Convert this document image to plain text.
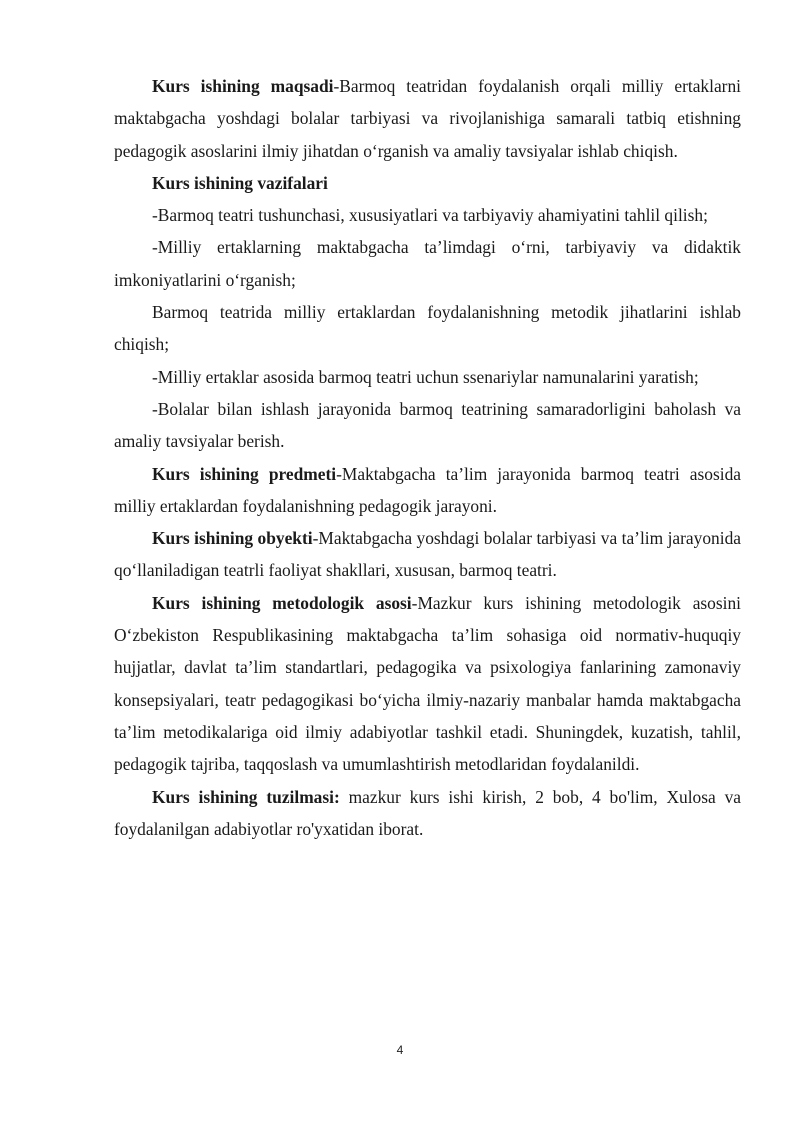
Kurs ishining maqsadi-Barmoq teatridan foydalanish orqali milliy ertaklarni maktabgacha yoshdagi bolalar tarbiyasi va rivojlanishiga samarali tatbiq etishning pedagogik asoslarini ilmiy jihatdan o‘rganish va amaliy tavsiyalar ishlab chiqish.

Kurs ishining vazifalari

-Barmoq teatri tushunchasi, xususiyatlari va tarbiyaviy ahamiyatini tahlil qilish;

-Milliy ertaklarning maktabgacha ta’limdagi o‘rni, tarbiyaviy va didaktik imkoniyatlarini o‘rganish;

Barmoq teatrida milliy ertaklardan foydalanishning metodik jihatlarini ishlab chiqish;

-Milliy ertaklar asosida barmoq teatri uchun ssenariylar namunalarini yaratish;

-Bolalar bilan ishlash jarayonida barmoq teatrining samaradorligini baholash va amaliy tavsiyalar berish.

Kurs ishining predmeti-Maktabgacha ta’lim jarayonida barmoq teatri asosida milliy ertaklardan foydalanishning pedagogik jarayoni.

Kurs ishining obyekti-Maktabgacha yoshdagi bolalar tarbiyasi va ta’lim jarayonida qo‘llaniladigan teatrli faoliyat shakllari, xususan, barmoq teatri.

Kurs ishining metodologik asosi-Mazkur kurs ishining metodologik asosini O‘zbekiston Respublikasining maktabgacha ta’lim sohasiga oid normativ-huquqiy hujjatlar, davlat ta’lim standartlari, pedagogika va psixologiya fanlarining zamonaviy konsepsiyalari, teatr pedagogikasi bo‘yicha ilmiy-nazariy manbalar hamda maktabgacha ta’lim metodikalariga oid ilmiy adabiyotlar tashkil etadi. Shuningdek, kuzatish, tahlil, pedagogik tajriba, taqqoslash va umumlashtirish metodlaridan foydalanildi.

Kurs ishining tuzilmasi: mazkur kurs ishi kirish, 2 bob, 4 bo'lim, Xulosa va foydalanilgan adabiyotlar ro'yxatidan iborat.

4
